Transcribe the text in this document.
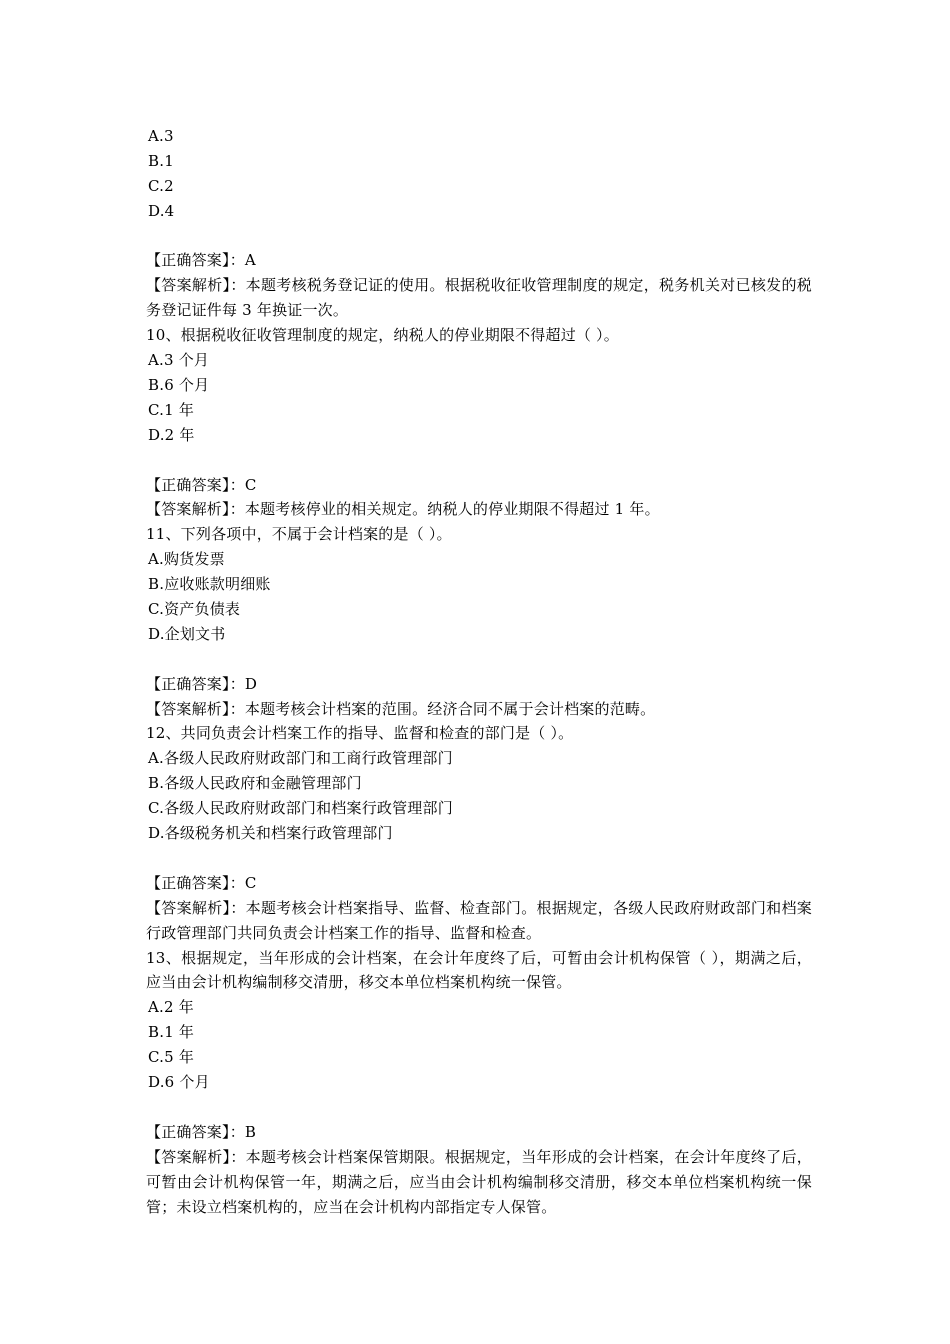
A.3
B.1
C.2
D.4
【正确答案】：A
【答案解析】：本题考核税务登记证的使用。根据税收征收管理制度的规定，税务机关对已核发的税务登记证件每 3 年换证一次。
10、根据税收征收管理制度的规定，纳税人的停业期限不得超过（ ）。
A.3 个月
B.6 个月
C.1 年
D.2 年
【正确答案】：C
【答案解析】：本题考核停业的相关规定。纳税人的停业期限不得超过 1 年。
11、下列各项中，不属于会计档案的是（ ）。
A.购货发票
B.应收账款明细账
C.资产负债表
D.企划文书
【正确答案】：D
【答案解析】：本题考核会计档案的范围。经济合同不属于会计档案的范畴。
12、共同负责会计档案工作的指导、监督和检查的部门是（ ）。
A.各级人民政府财政部门和工商行政管理部门
B.各级人民政府和金融管理部门
C.各级人民政府财政部门和档案行政管理部门
D.各级税务机关和档案行政管理部门
【正确答案】：C
【答案解析】：本题考核会计档案指导、监督、检查部门。根据规定，各级人民政府财政部门和档案行政管理部门共同负责会计档案工作的指导、监督和检查。
13、根据规定，当年形成的会计档案，在会计年度终了后，可暂由会计机构保管（ ），期满之后，应当由会计机构编制移交清册，移交本单位档案机构统一保管。
A.2 年
B.1 年
C.5 年
D.6 个月
【正确答案】：B
【答案解析】：本题考核会计档案保管期限。根据规定，当年形成的会计档案，在会计年度终了后，可暂由会计机构保管一年，期满之后，应当由会计机构编制移交清册，移交本单位档案机构统一保管；未设立档案机构的，应当在会计机构内部指定专人保管。
